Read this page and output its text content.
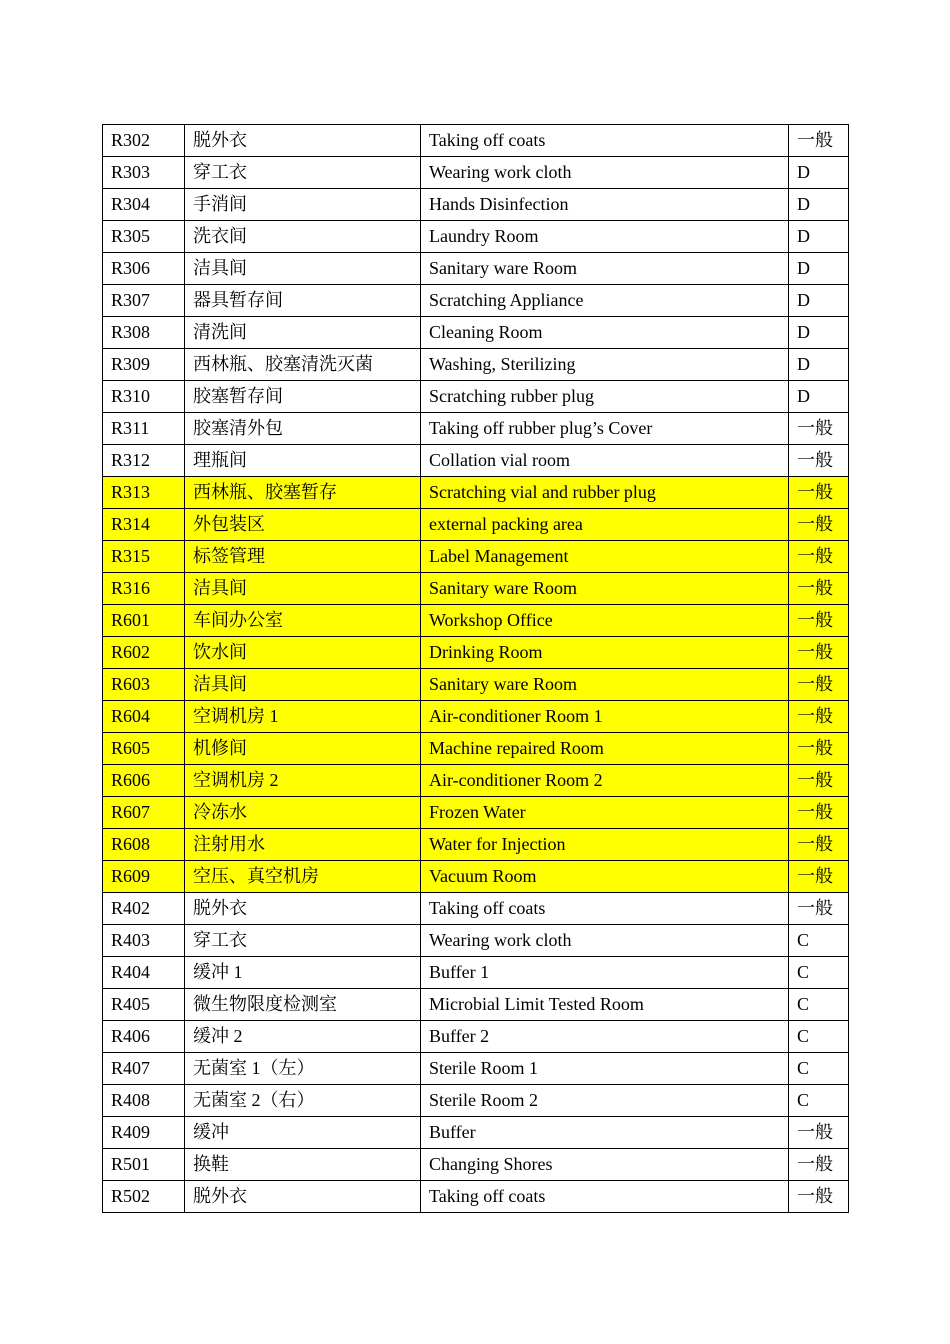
R302	脱外衣	Taking off coats	一般
R303	穿工衣	Wearing work cloth	D
R304	手消间	Hands Disinfection	D
R305	洗衣间	Laundry Room	D
R306	洁具间	Sanitary ware Room	D
R307	器具暂存间	Scratching Appliance	D
R308	清洗间	Cleaning Room	D
R309	西林瓶、胶塞清洗灭菌	Washing, Sterilizing	D
R310	胶塞暂存间	Scratching rubber plug	D
R311	胶塞清外包	Taking off rubber plug’s Cover	一般
R312	理瓶间	Collation vial room	一般
R313	西林瓶、胶塞暂存	Scratching vial and rubber plug	一般
R314	外包装区	external packing area	一般
R315	标签管理	Label Management	一般
R316	洁具间	Sanitary ware Room	一般
R601	车间办公室	Workshop Office	一般
R602	饮水间	Drinking Room	一般
R603	洁具间	Sanitary ware Room	一般
R604	空调机房 1	Air-conditioner Room 1	一般
R605	机修间	Machine repaired Room	一般
R606	空调机房 2	Air-conditioner Room 2	一般
R607	冷冻水	Frozen Water	一般
R608	注射用水	Water for Injection	一般
R609	空压、真空机房	Vacuum Room	一般
R402	脱外衣	Taking off coats	一般
R403	穿工衣	Wearing work cloth	C
R404	缓冲 1	Buffer 1	C
R405	微生物限度检测室	Microbial Limit Tested Room	C
R406	缓冲 2	Buffer 2	C
R407	无菌室 1（左）	Sterile Room 1	C
R408	无菌室 2（右）	Sterile Room 2	C
R409	缓冲	Buffer	一般
R501	换鞋	Changing Shores	一般
R502	脱外衣	Taking off coats	一般
